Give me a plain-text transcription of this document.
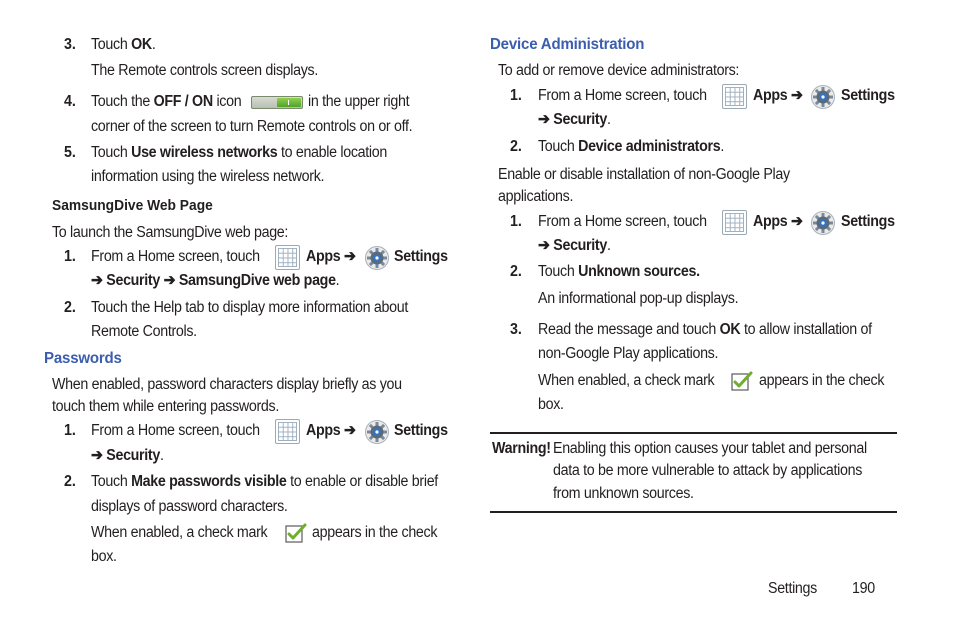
3. Touch OK.
The Remote controls screen displays.
4. Touch the OFF / ON icon	in the upper right
corner of the screen to turn Remote controls on or off.
5. Touch Use wireless networks to enable location
information using the wireless network.
SamsungDive Web Page
To launch the SamsungDive web page:
1. From a Home screen, touch	Apps ➔ Settings
➔ Security ➔ SamsungDive web page.
2. Touch the Help tab to display more information about
Remote Controls.
Passwords
When enabled, password characters display briefly as you
touch them while entering passwords.
1. From a Home screen, touch	Apps ➔ Settings
➔ Security.
2. Touch Make passwords visible to enable or disable brief
displays of password characters.
When enabled, a check mark	appears in the check
box.
Device Administration
To add or remove device administrators:
1. From a Home screen, touch	Apps ➔ Settings
➔ Security.
2. Touch Device administrators.
Enable or disable installation of non-Google Play
applications.
1. From a Home screen, touch	Apps ➔ Settings
➔ Security.
2. Touch Unknown sources.
An informational pop-up displays.
3. Read the message and touch OK to allow installation of
non-Google Play applications.
When enabled, a check mark	appears in the check
box.
Warning! Enabling this option causes your tablet and personal
data to be more vulnerable to attack by applications
from unknown sources.
Settings 190
